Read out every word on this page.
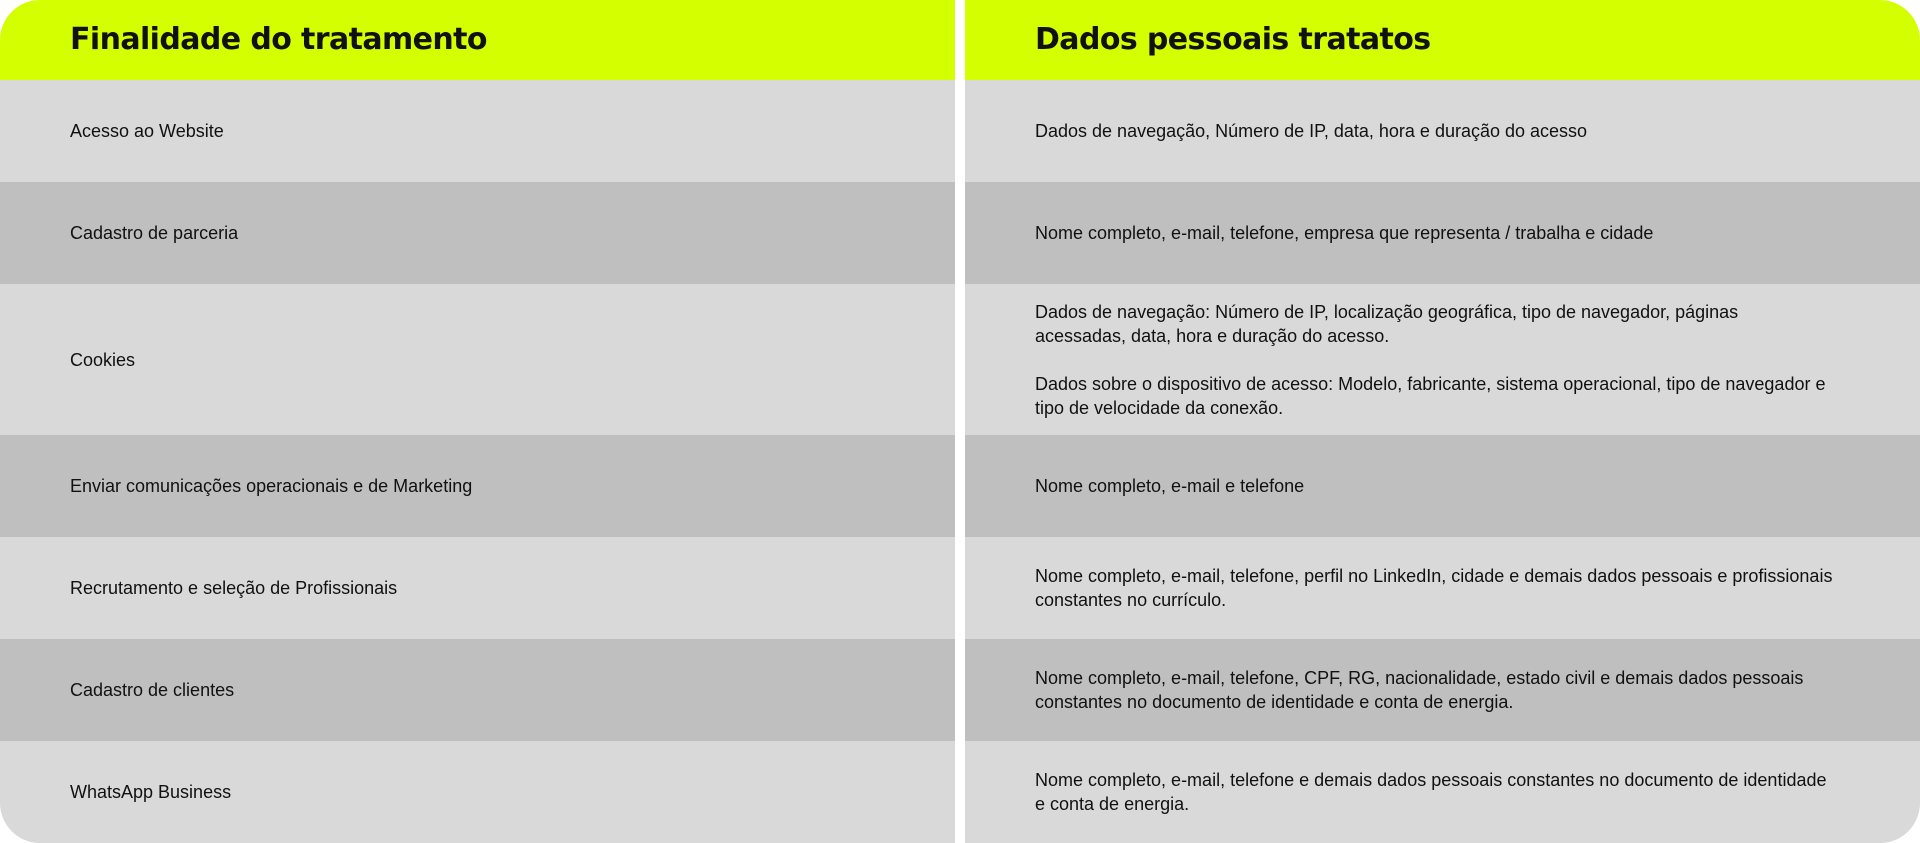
Finalidade do tratamento
Acesso ao Website
Cadastro de parceria
Cookies
Enviar comunicações operacionais e de Marketing
Recrutamento e seleção de Profissionais
Cadastro de clientes
WhatsApp Business
Dados pessoais tratatos
Dados de navegação, Número de IP, data, hora e duração do acesso
Nome completo, e-mail, telefone, empresa que representa / trabalha e cidade
Dados de navegação: Número de IP, localização geográfica, tipo de navegador, páginas
acessadas, data, hora e duração do acesso.

Dados sobre o dispositivo de acesso: Modelo, fabricante, sistema operacional, tipo de navegador e
tipo de velocidade da conexão.
Nome completo, e-mail e telefone
Nome completo, e-mail, telefone, perfil no LinkedIn, cidade e demais dados pessoais e profissionais
constantes no currículo.
Nome completo, e-mail, telefone, CPF, RG, nacionalidade, estado civil e demais dados pessoais
constantes no documento de identidade e conta de energia.
Nome completo, e-mail, telefone e demais dados pessoais constantes no documento de identidade
e conta de energia.
